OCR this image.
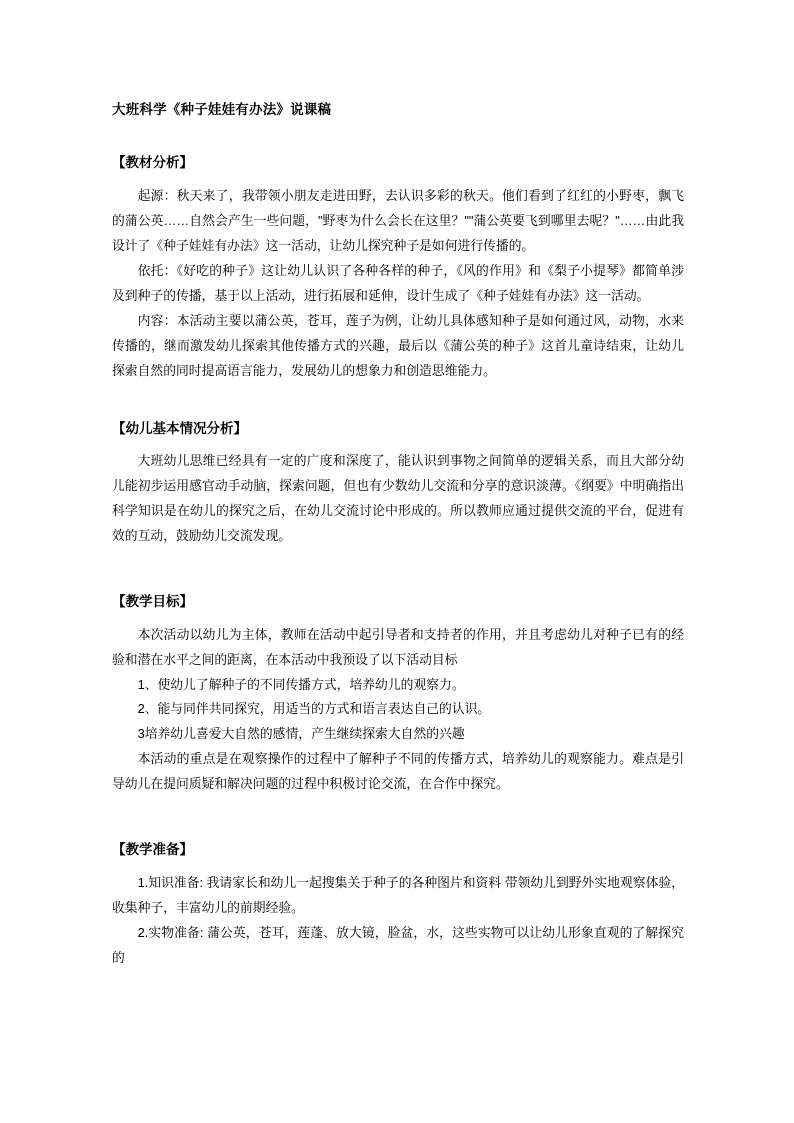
大班科学《种子娃娃有办法》说课稿
【教材分析】

起源：秋天来了，我带领小朋友走进田野，去认识多彩的秋天。他们看到了红红的小野枣，飘飞的蒲公英……自然会产生一些问题，"野枣为什么会长在这里？""蒲公英要飞到哪里去呢？"……由此我设计了《种子娃娃有办法》这一活动，让幼儿探究种子是如何进行传播的。

依托：《好吃的种子》这让幼儿认识了各种各样的种子，《风的作用》和《梨子小提琴》都简单涉及到种子的传播，基于以上活动，进行拓展和延伸，设计生成了《种子娃娃有办法》这一活动。

内容：本活动主要以蒲公英，苍耳，莲子为例，让幼儿具体感知种子是如何通过风，动物，水来传播的，继而激发幼儿探索其他传播方式的兴趣，最后以《蒲公英的种子》这首儿童诗结束，让幼儿探索自然的同时提高语言能力，发展幼儿的想象力和创造思维能力。

【幼儿基本情况分析】

大班幼儿思维已经具有一定的广度和深度了，能认识到事物之间简单的逻辑关系，而且大部分幼儿能初步运用感官动手动脑，探索问题，但也有少数幼儿交流和分享的意识淡薄。《纲要》中明确指出科学知识是在幼儿的探究之后，在幼儿交流讨论中形成的。所以教师应通过提供交流的平台，促进有效的互动，鼓励幼儿交流发现。

【教学目标】

本次活动以幼儿为主体，教师在活动中起引导者和支持者的作用，并且考虑幼儿对种子已有的经验和潜在水平之间的距离，在本活动中我预设了以下活动目标

1、使幼儿了解种子的不同传播方式，培养幼儿的观察力。

2、能与同伴共同探究，用适当的方式和语言表达自己的认识。

3培养幼儿喜爱大自然的感情，产生继续探索大自然的兴趣

本活动的重点是在观察操作的过程中了解种子不同的传播方式，培养幼儿的观察能力。难点是引导幼儿在提问质疑和解决问题的过程中积极讨论交流，在合作中探究。

【教学准备】

1.知识准备: 我请家长和幼儿一起搜集关于种子的各种图片和资料 带领幼儿到野外实地观察体验，收集种子，丰富幼儿的前期经验。

2.实物准备: 蒲公英，苍耳，莲蓬、放大镜，脸盆，水，这些实物可以让幼儿形象直观的了解探究的
